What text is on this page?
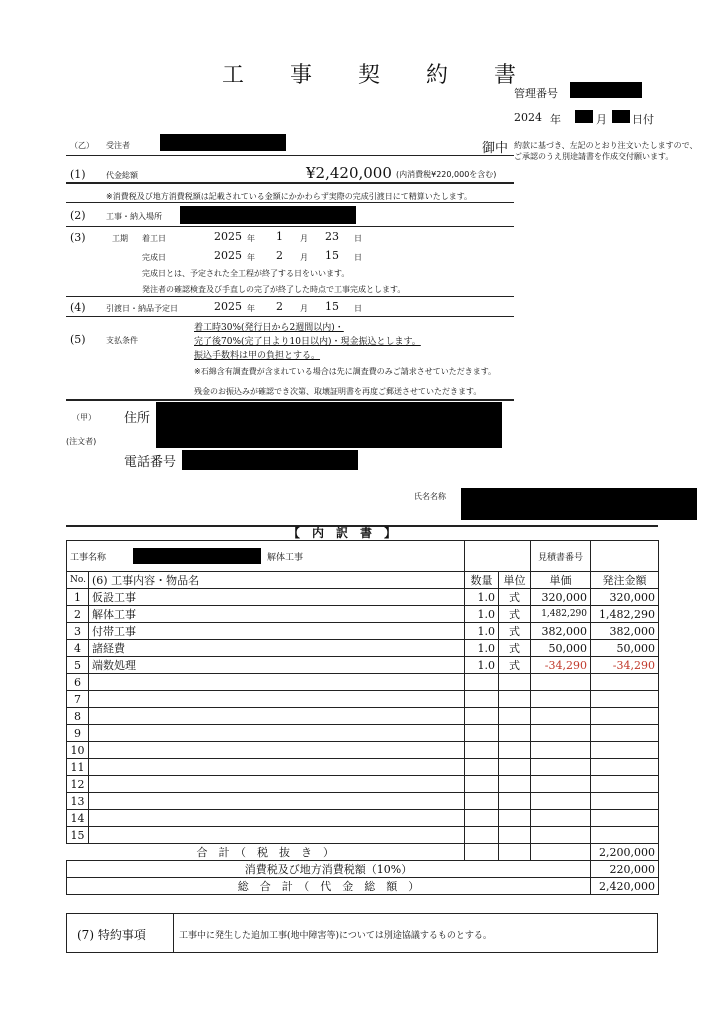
工　事　契　約　書
管理番号
2024 年	月 日付
約款に基づき、左記のとおり注文いたしますので、ご承認のうえ別途請書を作成交付願います。
御中
（乙） 受注者
(1)	代金総額	¥2,420,000 (内消費税¥220,000を含む)
※消費税及び地方消費税額は記載されている金額にかかわらず実際の完成引渡日にて精算いたします。
(2)	工事・納入場所
(3)	工期 着工日	2025 年 1 月 23 日
完成日	2025 年 2 月 15 日
完成日とは、予定された全工程が終了する日をいいます。
発注者の確認検査及び手直しの完了が終了した時点で工事完成とします。
(4)	引渡日・納品予定日	2025 年 2 月 15 日
(5)	支払条件
着工時30%(発行日から2週間以内)・
完了後70%(完了日より10日以内)・現金振込とします。
振込手数料は甲の負担とする。
※石綿含有調査費が含まれている場合は先に調査費のみご請求させていただきます。
残金のお振込みが確認でき次第、取壊証明書を再度ご郵送させていただきます。
（甲）
(注文者)
住所
電話番号
氏名名称
【　内　訳　書　】
工事名称 解体工事				見積書番号	
No.	(6) 工事内容・物品名	数量	単位	単価	発注金額
1	仮設工事	1.0	式	320,000	320,000
2	解体工事	1.0	式	1,482,290	1,482,290
3	付帯工事	1.0	式	382,000	382,000
4	諸経費	1.0	式	50,000	50,000
5	端数処理	1.0	式	-34,290	-34,290
6					
7					
8					
9					
10					
11					
12					
13					
14					
15					
合　計　（　税　抜　き　）					2,200,000
消費税及び地方消費税額（10%）					220,000
総　合　計　（　代　金　総　額　）					2,420,000
(7) 特約事項	工事中に発生した追加工事(地中障害等)については別途協議するものとする。
